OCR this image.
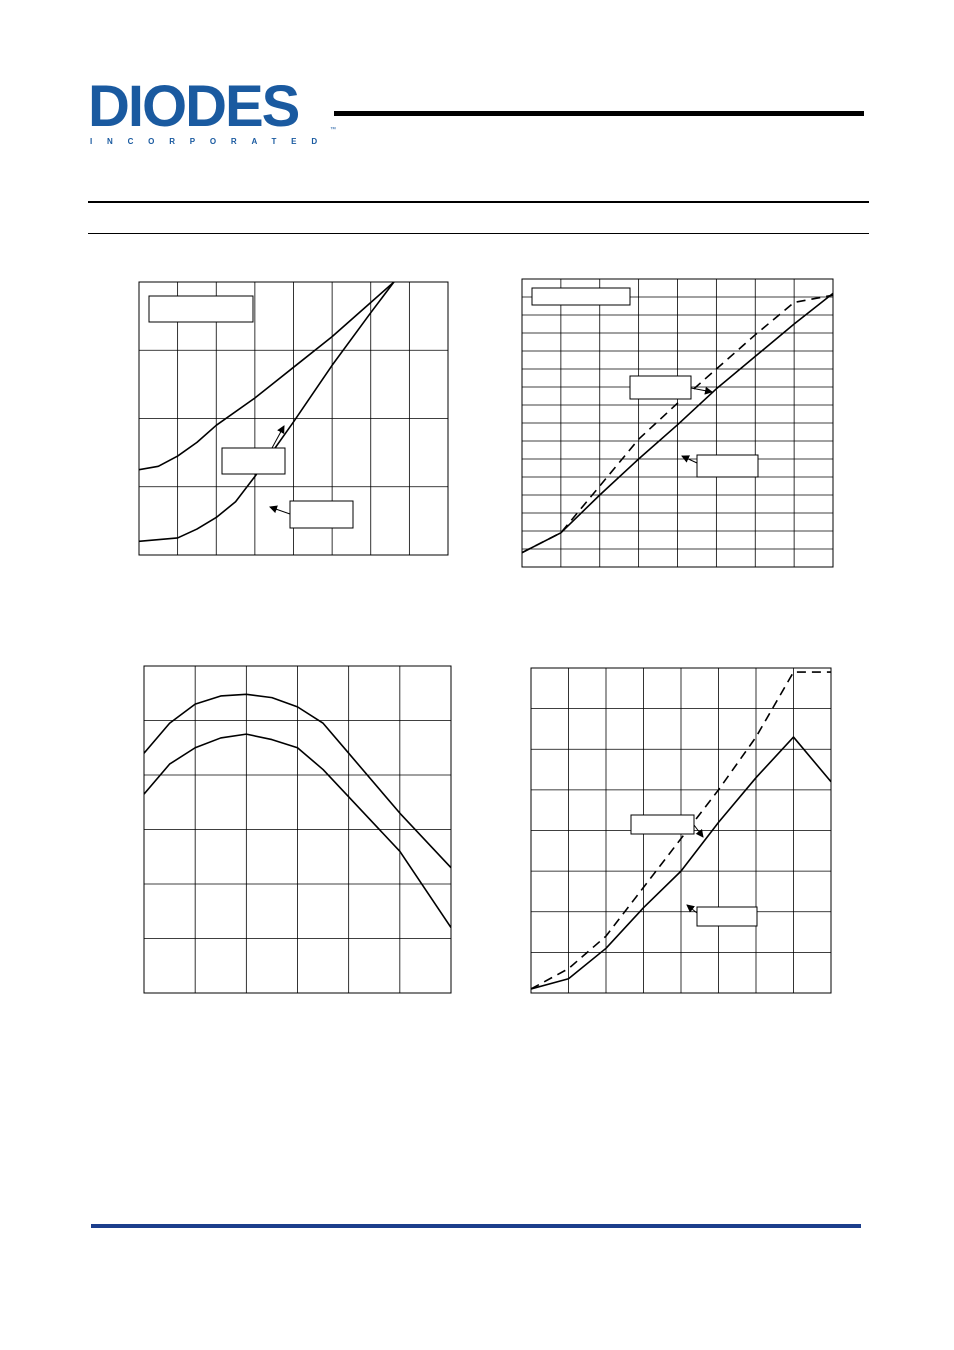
DIODES
INCORPORATED
™
